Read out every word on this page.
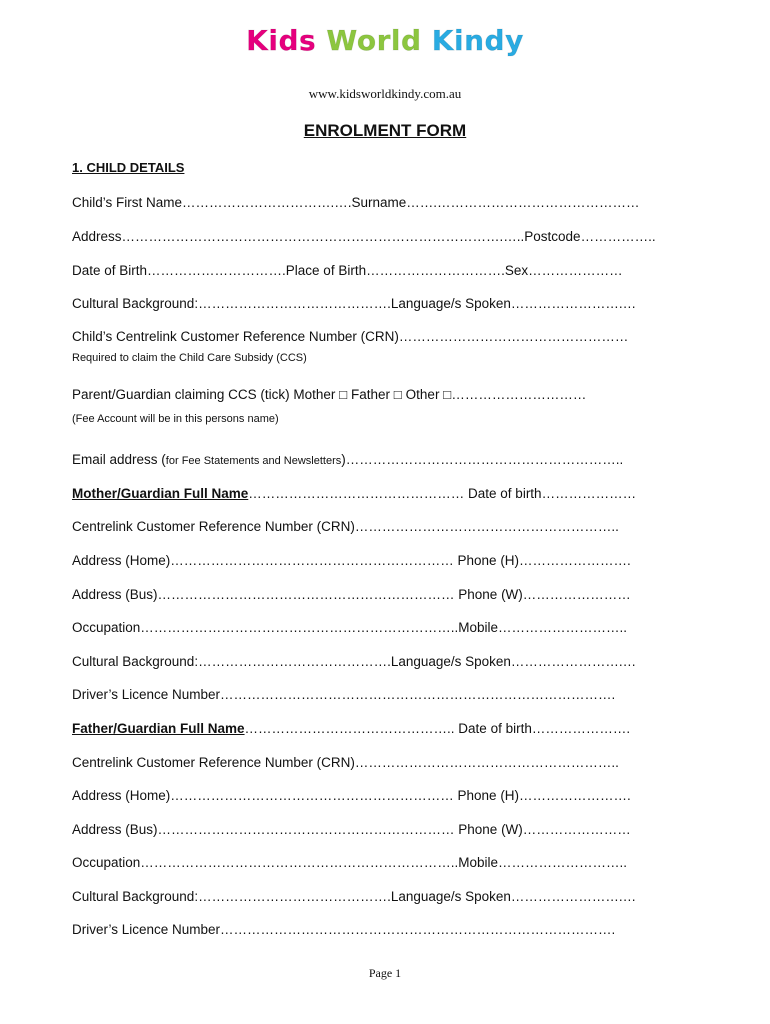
Kids World Kindy
www.kidsworldkindy.com.au
ENROLMENT FORM
1. CHILD DETAILS
Child’s First Name…………………………….….Surname…….………………………………………
Address………………………………………………………………………….…..Postcode……………..
Date of Birth………………………….Place of Birth………………………….Sex…………………
Cultural Background:…………………………………….Language/s Spoken…………………….…
Child’s Centrelink Customer Reference Number (CRN)……………………………………………
Required to claim the Child Care Subsidy (CCS)
Parent/Guardian claiming CCS (tick) Mother □ Father □ Other □…………………………
(Fee Account will be in this persons name)
Email address (for Fee Statements and Newsletters)……………………………………………………..
Mother/Guardian Full Name………………………………………… Date of birth…………………
Centrelink Customer Reference Number (CRN)…………………………………………………..
Address (Home)……………………………………………………… Phone (H)…………………….
Address (Bus)………………………………………………………… Phone (W)……………………
Occupation……………………………………………………………..Mobile………………………..
Cultural Background:…………………………………….Language/s Spoken…………………….…
Driver’s Licence Number…………………………………………………………………………….
Father/Guardian Full Name……………………………………….. Date of birth………………….
Centrelink Customer Reference Number (CRN)…………………………………………………..
Address (Home)……………………………………………………… Phone (H)…………………….
Address (Bus)………………………………………………………… Phone (W)……………………
Occupation……………………………………………………………..Mobile………………………..
Cultural Background:…………………………………….Language/s Spoken…………………….…
Driver’s Licence Number…………………………………………………………………………….
Page 1
